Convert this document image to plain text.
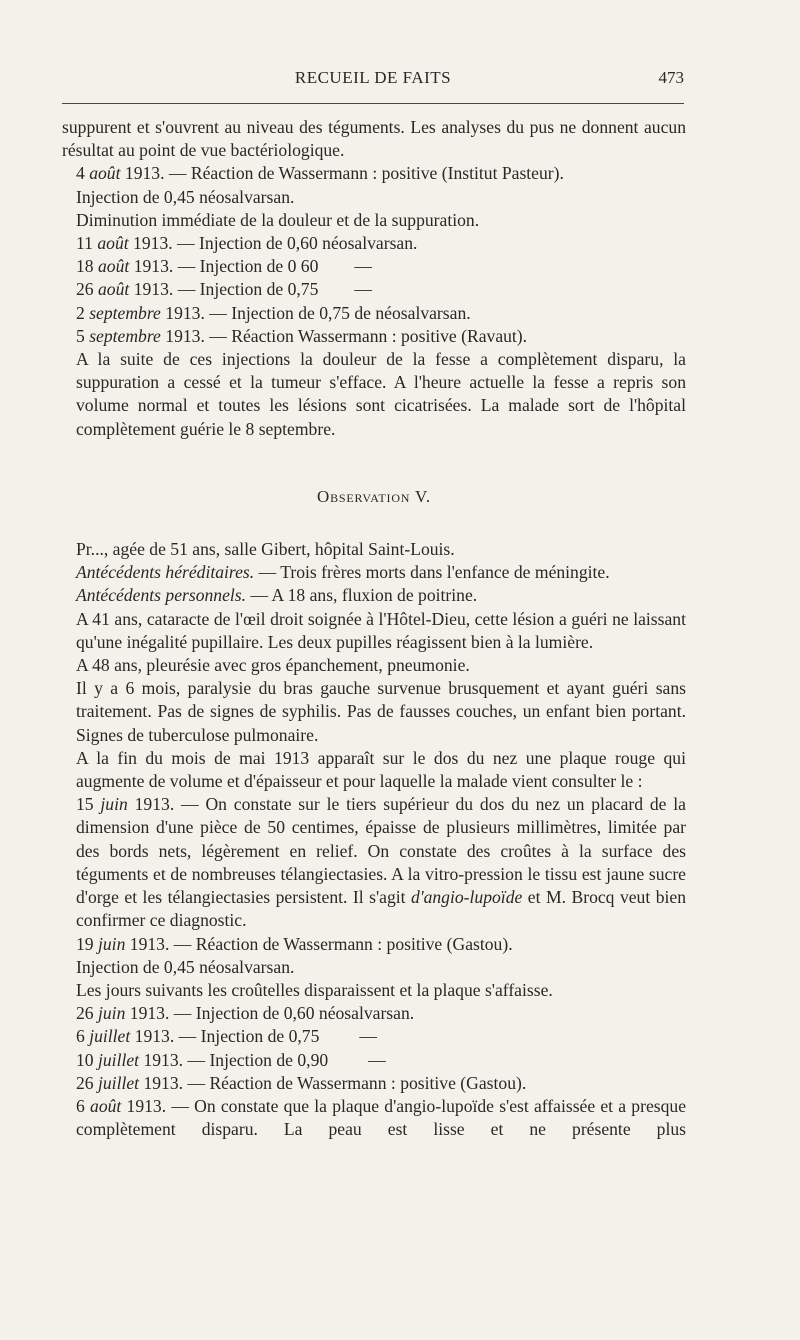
RECUEIL DE FAITS	473

suppurent et s'ouvrent au niveau des téguments. Les analyses du pus ne donnent aucun résultat au point de vue bactériologique.

4 août 1913. — Réaction de Wassermann : positive (Institut Pasteur).

Injection de 0,45 néosalvarsan.

Diminution immédiate de la douleur et de la suppuration.

11 août 1913. — Injection de 0,60 néosalvarsan.

18 août 1913. — Injection de 0 60 —

26 août 1913. — Injection de 0,75 —

2 septembre 1913. — Injection de 0,75 de néosalvarsan.

5 septembre 1913. — Réaction Wassermann : positive (Ravaut).

A la suite de ces injections la douleur de la fesse a complètement disparu, la suppuration a cessé et la tumeur s'efface. A l'heure actuelle la fesse a repris son volume normal et toutes les lésions sont cicatrisées. La malade sort de l'hôpital complètement guérie le 8 septembre.

Observation V.

Pr..., agée de 51 ans, salle Gibert, hôpital Saint-Louis.

Antécédents héréditaires. — Trois frères morts dans l'enfance de méningite.

Antécédents personnels. — A 18 ans, fluxion de poitrine.

A 41 ans, cataracte de l'œil droit soignée à l'Hôtel-Dieu, cette lésion a guéri ne laissant qu'une inégalité pupillaire. Les deux pupilles réagissent bien à la lumière.

A 48 ans, pleurésie avec gros épanchement, pneumonie.

Il y a 6 mois, paralysie du bras gauche survenue brusquement et ayant guéri sans traitement. Pas de signes de syphilis. Pas de fausses couches, un enfant bien portant. Signes de tuberculose pulmonaire.

A la fin du mois de mai 1913 apparaît sur le dos du nez une plaque rouge qui augmente de volume et d'épaisseur et pour laquelle la malade vient consulter le :

15 juin 1913. — On constate sur le tiers supérieur du dos du nez un placard de la dimension d'une pièce de 50 centimes, épaisse de plusieurs millimètres, limitée par des bords nets, légèrement en relief. On constate des croûtes à la surface des téguments et de nombreuses télangiectasies. A la vitro-pression le tissu est jaune sucre d'orge et les télangiectasies persistent. Il s'agit d'angio-lupoïde et M. Brocq veut bien confirmer ce diagnostic.

19 juin 1913. — Réaction de Wassermann : positive (Gastou).

Injection de 0,45 néosalvarsan.

Les jours suivants les croûtelles disparaissent et la plaque s'affaisse.

26 juin 1913. — Injection de 0,60 néosalvarsan.

6 juillet 1913. — Injection de 0,75 —

10 juillet 1913. — Injection de 0,90 —

26 juillet 1913. — Réaction de Wassermann : positive (Gastou).

6 août 1913. — On constate que la plaque d'angio-lupoïde s'est affaissée et a presque complètement disparu. La peau est lisse et ne présente plus
